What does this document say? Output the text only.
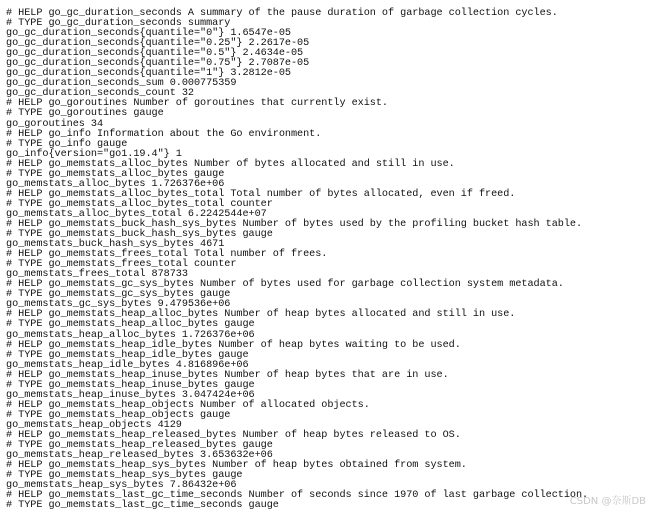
# HELP go_gc_duration_seconds A summary of the pause duration of garbage collection cycles.
# TYPE go_gc_duration_seconds summary
go_gc_duration_seconds{quantile="0"} 1.6547e-05
go_gc_duration_seconds{quantile="0.25"} 2.2617e-05
go_gc_duration_seconds{quantile="0.5"} 2.4634e-05
go_gc_duration_seconds{quantile="0.75"} 2.7087e-05
go_gc_duration_seconds{quantile="1"} 3.2812e-05
go_gc_duration_seconds_sum 0.000775359
go_gc_duration_seconds_count 32
# HELP go_goroutines Number of goroutines that currently exist.
# TYPE go_goroutines gauge
go_goroutines 34
# HELP go_info Information about the Go environment.
# TYPE go_info gauge
go_info{version="go1.19.4"} 1
# HELP go_memstats_alloc_bytes Number of bytes allocated and still in use.
# TYPE go_memstats_alloc_bytes gauge
go_memstats_alloc_bytes 1.726376e+06
# HELP go_memstats_alloc_bytes_total Total number of bytes allocated, even if freed.
# TYPE go_memstats_alloc_bytes_total counter
go_memstats_alloc_bytes_total 6.2242544e+07
# HELP go_memstats_buck_hash_sys_bytes Number of bytes used by the profiling bucket hash table.
# TYPE go_memstats_buck_hash_sys_bytes gauge
go_memstats_buck_hash_sys_bytes 4671
# HELP go_memstats_frees_total Total number of frees.
# TYPE go_memstats_frees_total counter
go_memstats_frees_total 878733
# HELP go_memstats_gc_sys_bytes Number of bytes used for garbage collection system metadata.
# TYPE go_memstats_gc_sys_bytes gauge
go_memstats_gc_sys_bytes 9.479536e+06
# HELP go_memstats_heap_alloc_bytes Number of heap bytes allocated and still in use.
# TYPE go_memstats_heap_alloc_bytes gauge
go_memstats_heap_alloc_bytes 1.726376e+06
# HELP go_memstats_heap_idle_bytes Number of heap bytes waiting to be used.
# TYPE go_memstats_heap_idle_bytes gauge
go_memstats_heap_idle_bytes 4.816896e+06
# HELP go_memstats_heap_inuse_bytes Number of heap bytes that are in use.
# TYPE go_memstats_heap_inuse_bytes gauge
go_memstats_heap_inuse_bytes 3.047424e+06
# HELP go_memstats_heap_objects Number of allocated objects.
# TYPE go_memstats_heap_objects gauge
go_memstats_heap_objects 4129
# HELP go_memstats_heap_released_bytes Number of heap bytes released to OS.
# TYPE go_memstats_heap_released_bytes gauge
go_memstats_heap_released_bytes 3.653632e+06
# HELP go_memstats_heap_sys_bytes Number of heap bytes obtained from system.
# TYPE go_memstats_heap_sys_bytes gauge
go_memstats_heap_sys_bytes 7.86432e+06
# HELP go_memstats_last_gc_time_seconds Number of seconds since 1970 of last garbage collection.
# TYPE go_memstats_last_gc_time_seconds gauge	CSDN @奈斯DB
